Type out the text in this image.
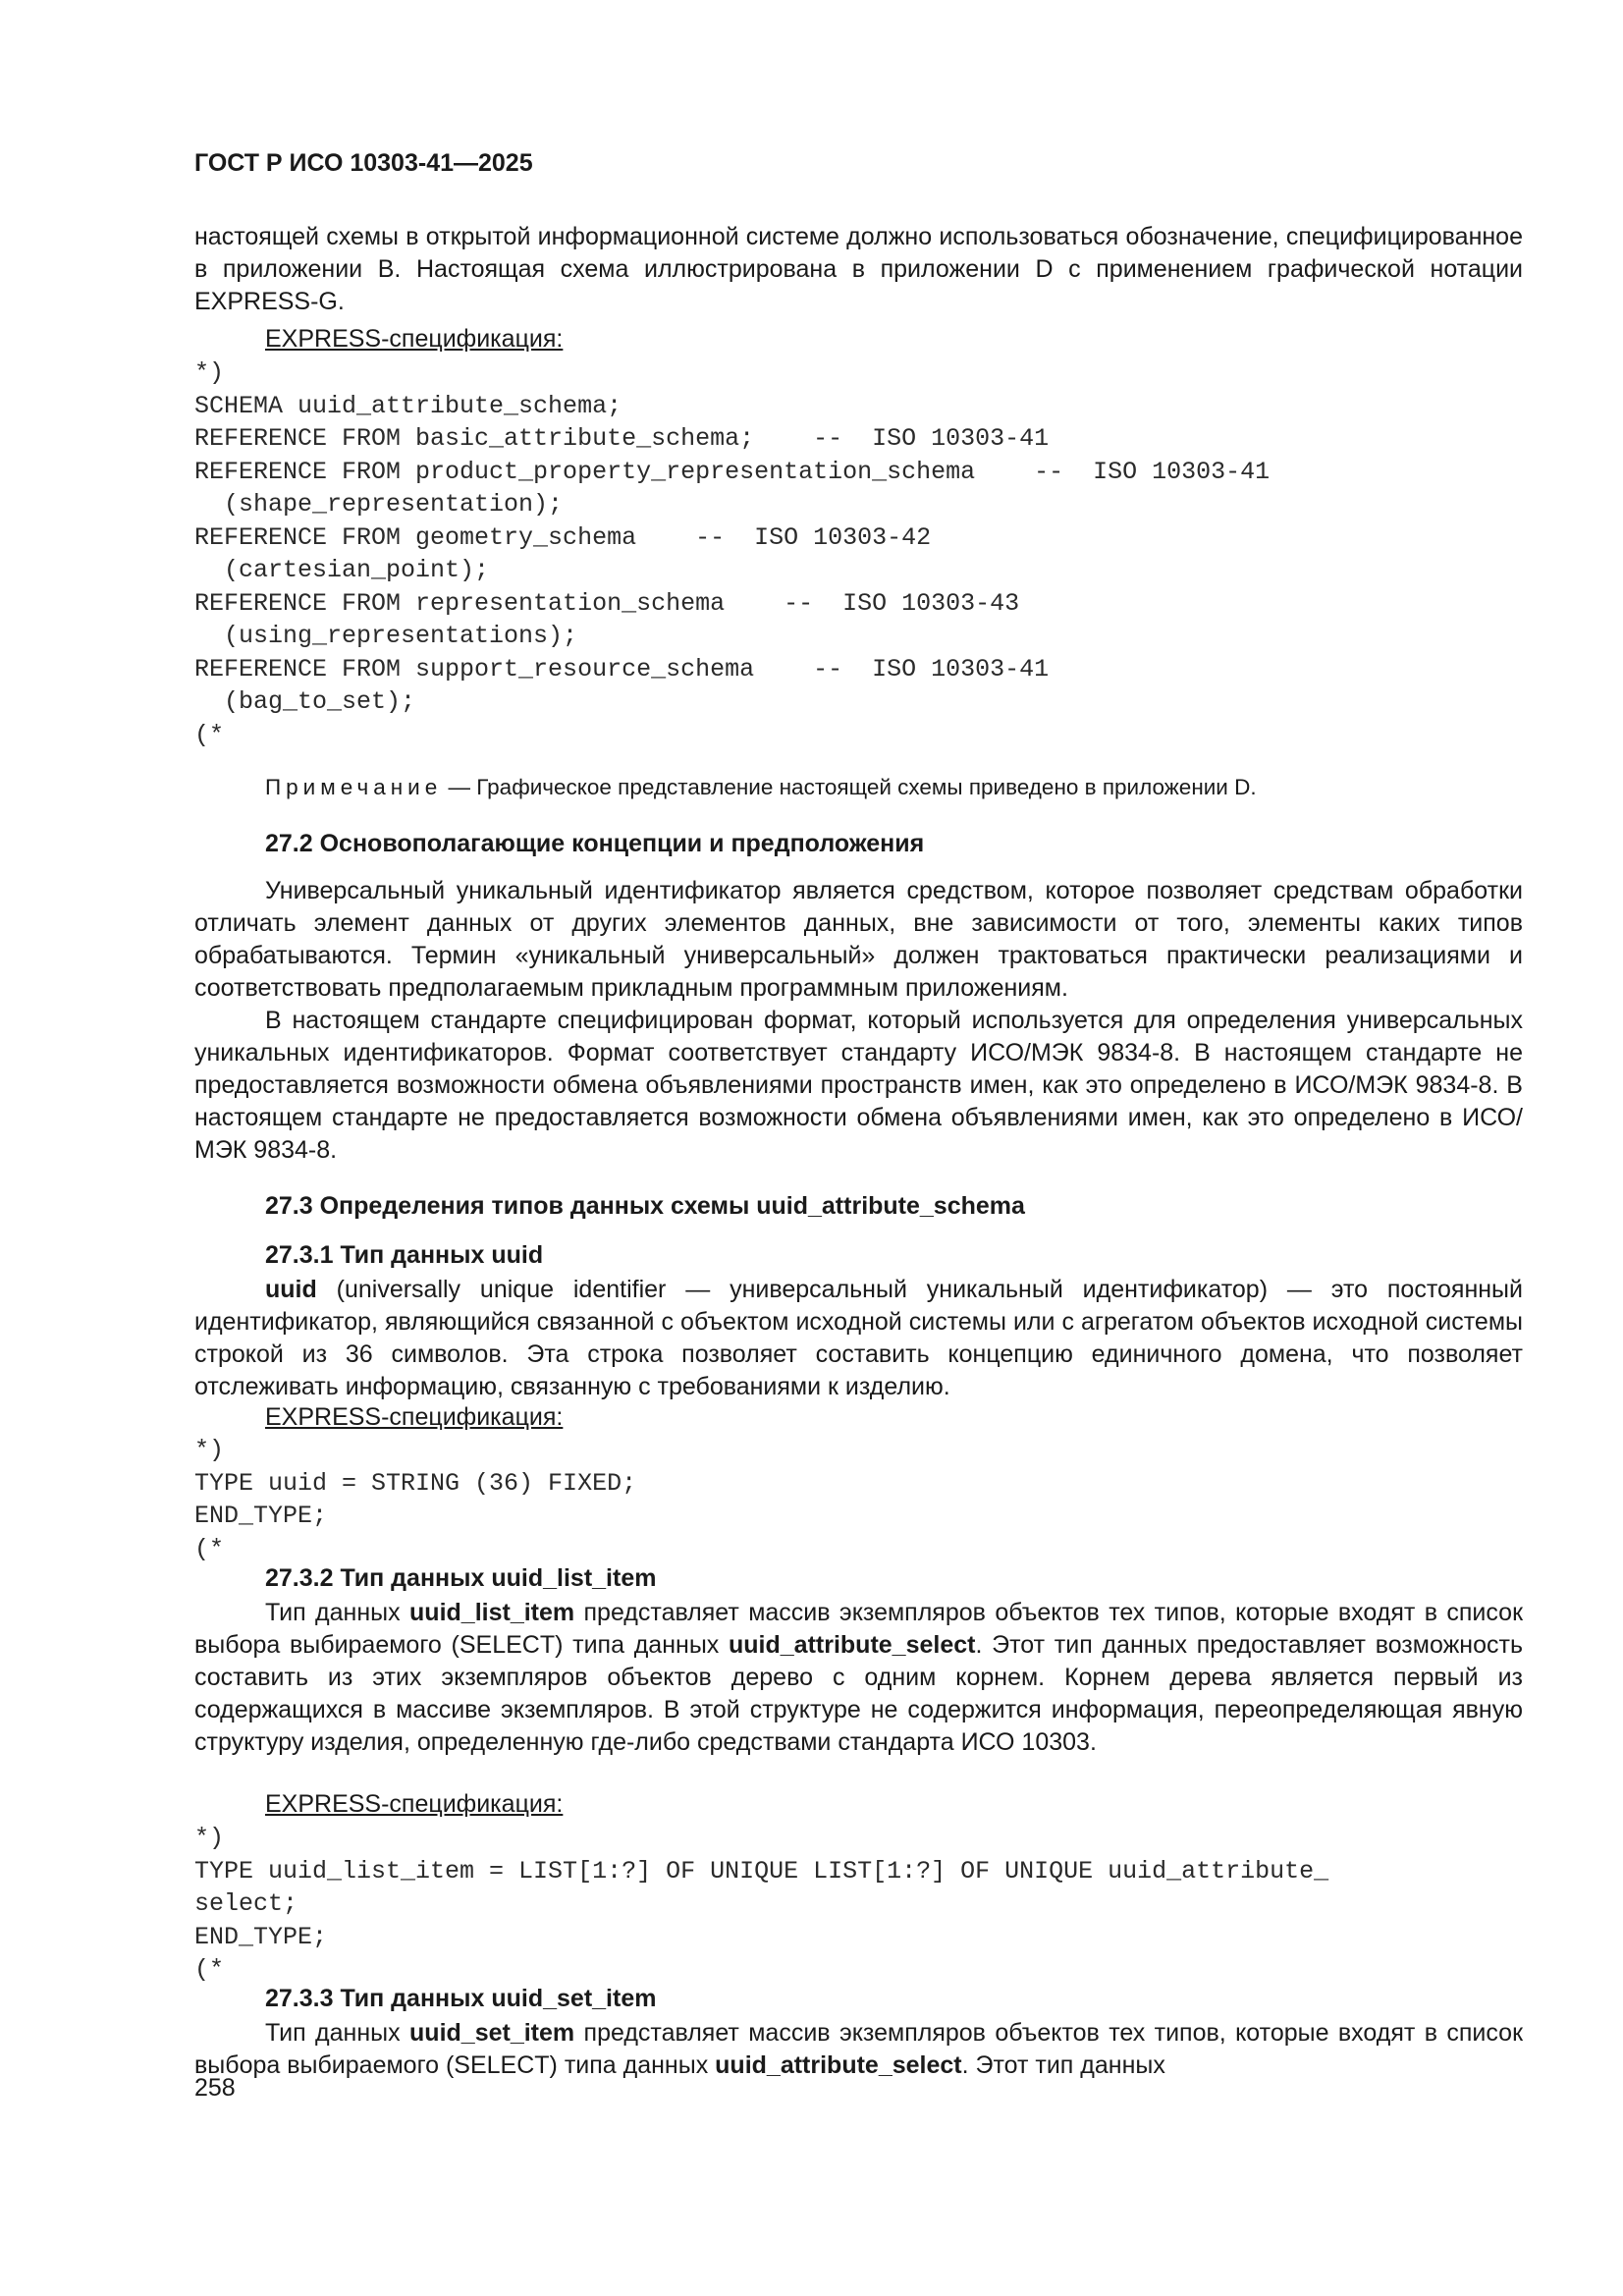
ГОСТ Р ИСО 10303-41—2025

настоящей схемы в открытой информационной системе должно использоваться обозначение, специфицированное в приложении B. Настоящая схема иллюстрирована в приложении D с применением графической нотации EXPRESS-G.

EXPRESS-спецификация:
*)
SCHEMA uuid_attribute_schema;
REFERENCE FROM basic_attribute_schema;    --  ISO 10303-41
REFERENCE FROM product_property_representation_schema    --  ISO 10303-41
(shape_representation);
REFERENCE FROM geometry_schema    --  ISO 10303-42
(cartesian_point);
REFERENCE FROM representation_schema    --  ISO 10303-43
(using_representations);
REFERENCE FROM support_resource_schema    --  ISO 10303-41
(bag_to_set);
(*
Примечание — Графическое представление настоящей схемы приведено в приложении D.
27.2 Основополагающие концепции и предположения

Универсальный уникальный идентификатор является средством, которое позволяет средствам обработки отличать элемент данных от других элементов данных, вне зависимости от того, элементы каких типов обрабатываются. Термин «уникальный универсальный» должен трактоваться практически реализациями и соответствовать предполагаемым прикладным программным приложениям.

В настоящем стандарте специфицирован формат, который используется для определения универсальных уникальных идентификаторов. Формат соответствует стандарту ИСО/МЭК 9834-8. В настоящем стандарте не предоставляется возможности обмена объявлениями пространств имен, как это определено в ИСО/МЭК 9834-8. В настоящем стандарте не предоставляется возможности обмена объявлениями имен, как это определено в ИСО/МЭК 9834-8.

27.3 Определения типов данных схемы uuid_attribute_schema
27.3.1 Тип данных uuid

uuid (universally unique identifier — универсальный уникальный идентификатор) — это постоянный идентификатор, являющийся связанной с объектом исходной системы или с агрегатом объектов исходной системы строкой из 36 символов. Эта строка позволяет составить концепцию единичного домена, что позволяет отслеживать информацию, связанную с требованиями к изделию.

EXPRESS-спецификация:
*)
TYPE uuid = STRING (36) FIXED;
END_TYPE;
(*
27.3.2 Тип данных uuid_list_item

Тип данных uuid_list_item представляет массив экземпляров объектов тех типов, которые входят в список выбора выбираемого (SELECT) типа данных uuid_attribute_select. Этот тип данных предоставляет возможность составить из этих экземпляров объектов дерево с одним корнем. Корнем дерева является первый из содержащихся в массиве экземпляров. В этой структуре не содержится информация, переопределяющая явную структуру изделия, определенную где-либо средствами стандарта ИСО 10303.

EXPRESS-спецификация:
*)
TYPE uuid_list_item = LIST[1:?] OF UNIQUE LIST[1:?] OF UNIQUE uuid_attribute_
select;
END_TYPE;
(*
27.3.3 Тип данных uuid_set_item

Тип данных uuid_set_item представляет массив экземпляров объектов тех типов, которые входят в список выбора выбираемого (SELECT) типа данных uuid_attribute_select. Этот тип данных

258
